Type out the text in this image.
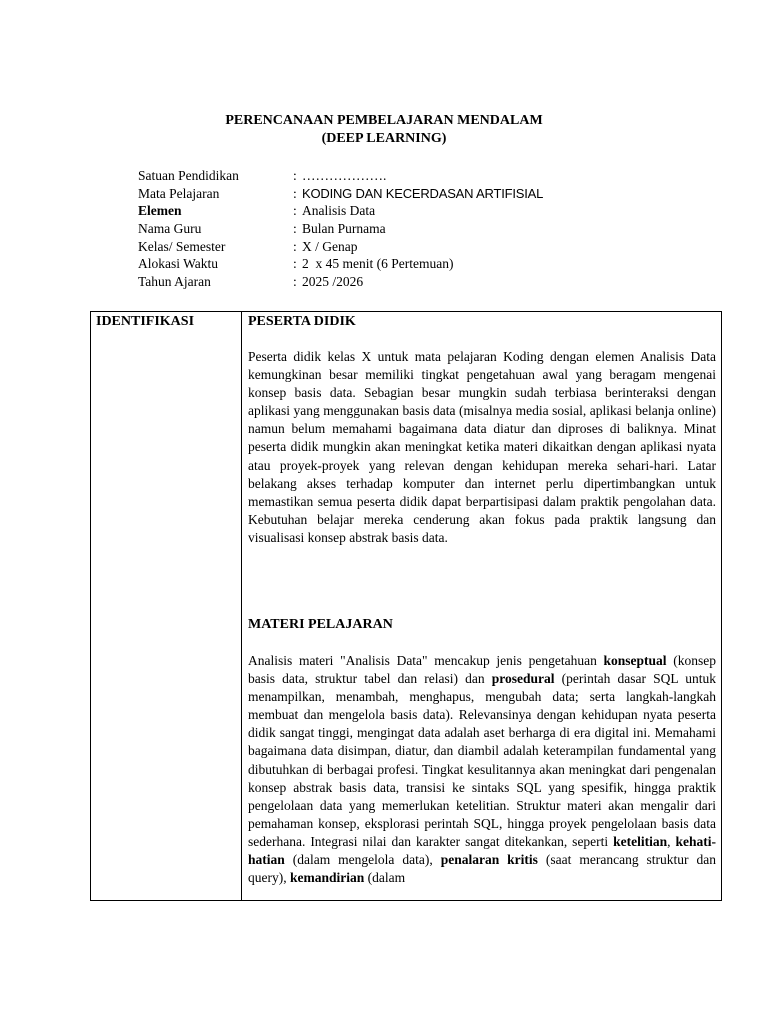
PERENCANAAN PEMBELAJARAN MENDALAM
(DEEP LEARNING)
Satuan Pendidikan	: ……………….
Mata Pelajaran	: KODING DAN KECERDASAN ARTIFISIAL
Elemen	: Analisis Data
Nama Guru	: Bulan Purnama
Kelas/ Semester	: X / Genap
Alokasi Waktu	: 2  x 45 menit (6 Pertemuan)
Tahun Ajaran	: 2025 /2026
IDENTIFIKASI	PESERTA DIDIK

Peserta didik kelas X untuk mata pelajaran Koding dengan elemen Analisis Data kemungkinan besar memiliki tingkat pengetahuan awal yang beragam mengenai konsep basis data. Sebagian besar mungkin sudah terbiasa berinteraksi dengan aplikasi yang menggunakan basis data (misalnya media sosial, aplikasi belanja online) namun belum memahami bagaimana data diatur dan diproses di baliknya. Minat peserta didik mungkin akan meningkat ketika materi dikaitkan dengan aplikasi nyata atau proyek-proyek yang relevan dengan kehidupan mereka sehari-hari. Latar belakang akses terhadap komputer dan internet perlu dipertimbangkan untuk memastikan semua peserta didik dapat berpartisipasi dalam praktik pengolahan data. Kebutuhan belajar mereka cenderung akan fokus pada praktik langsung dan visualisasi konsep abstrak basis data.

MATERI PELAJARAN

Analisis materi "Analisis Data" mencakup jenis pengetahuan konseptual (konsep basis data, struktur tabel dan relasi) dan prosedural (perintah dasar SQL untuk menampilkan, menambah, menghapus, mengubah data; serta langkah-langkah membuat dan mengelola basis data). Relevansinya dengan kehidupan nyata peserta didik sangat tinggi, mengingat data adalah aset berharga di era digital ini. Memahami bagaimana data disimpan, diatur, dan diambil adalah keterampilan fundamental yang dibutuhkan di berbagai profesi. Tingkat kesulitannya akan meningkat dari pengenalan konsep abstrak basis data, transisi ke sintaks SQL yang spesifik, hingga praktik pengelolaan data yang memerlukan ketelitian. Struktur materi akan mengalir dari pemahaman konsep, eksplorasi perintah SQL, hingga proyek pengelolaan basis data sederhana. Integrasi nilai dan karakter sangat ditekankan, seperti ketelitian, kehati-hatian (dalam mengelola data), penalaran kritis (saat merancang struktur dan query), kemandirian (dalam
